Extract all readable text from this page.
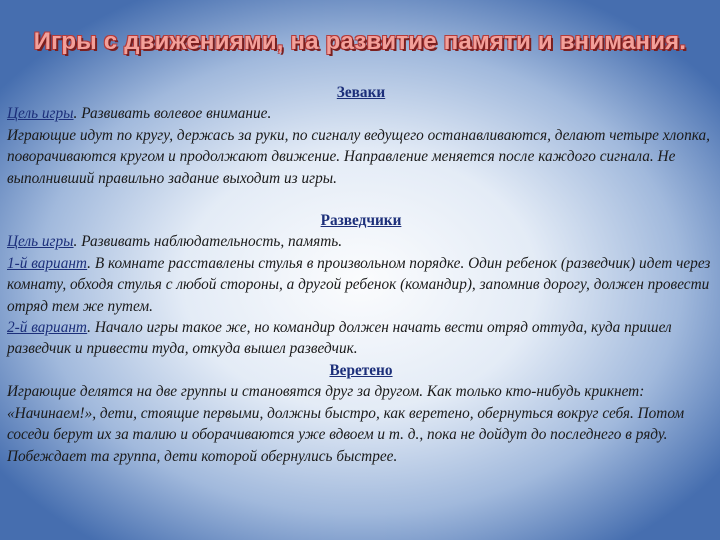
Игры с движениями, на развитие памяти и внимания.

Зеваки

Цель игры. Развивать волевое внимание.

Играющие идут по кругу, держась за руки, по сигналу ведущего останавливаются, делают четыре хлопка, поворачиваются кругом и продолжают движение. Направление меняется после каждого сигнала. Не выполнивший правильно задание выходит из игры.

Разведчики

Цель игры. Развивать наблюдательность, память.

1-й вариант. В комнате расставлены стулья в произвольном порядке. Один ребенок (разведчик) идет через комнату, обходя стулья с любой стороны, а другой ребенок (командир), запомнив дорогу, должен провести отряд тем же путем.

2-й вариант. Начало игры такое же, но командир должен начать вести отряд оттуда, куда пришел разведчик и привести туда, откуда вышел разведчик.

Веретено

Играющие делятся на две группы и становятся друг за другом. Как только кто-нибудь крикнет: «Начинаем!», дети, стоящие первыми, должны быстро, как веретено, обернуться вокруг себя. Потом соседи берут их за талию и оборачиваются уже вдвоем и т. д., пока не дойдут до последнего в ряду. Побеждает та группа, дети которой обернулись быстрее.
